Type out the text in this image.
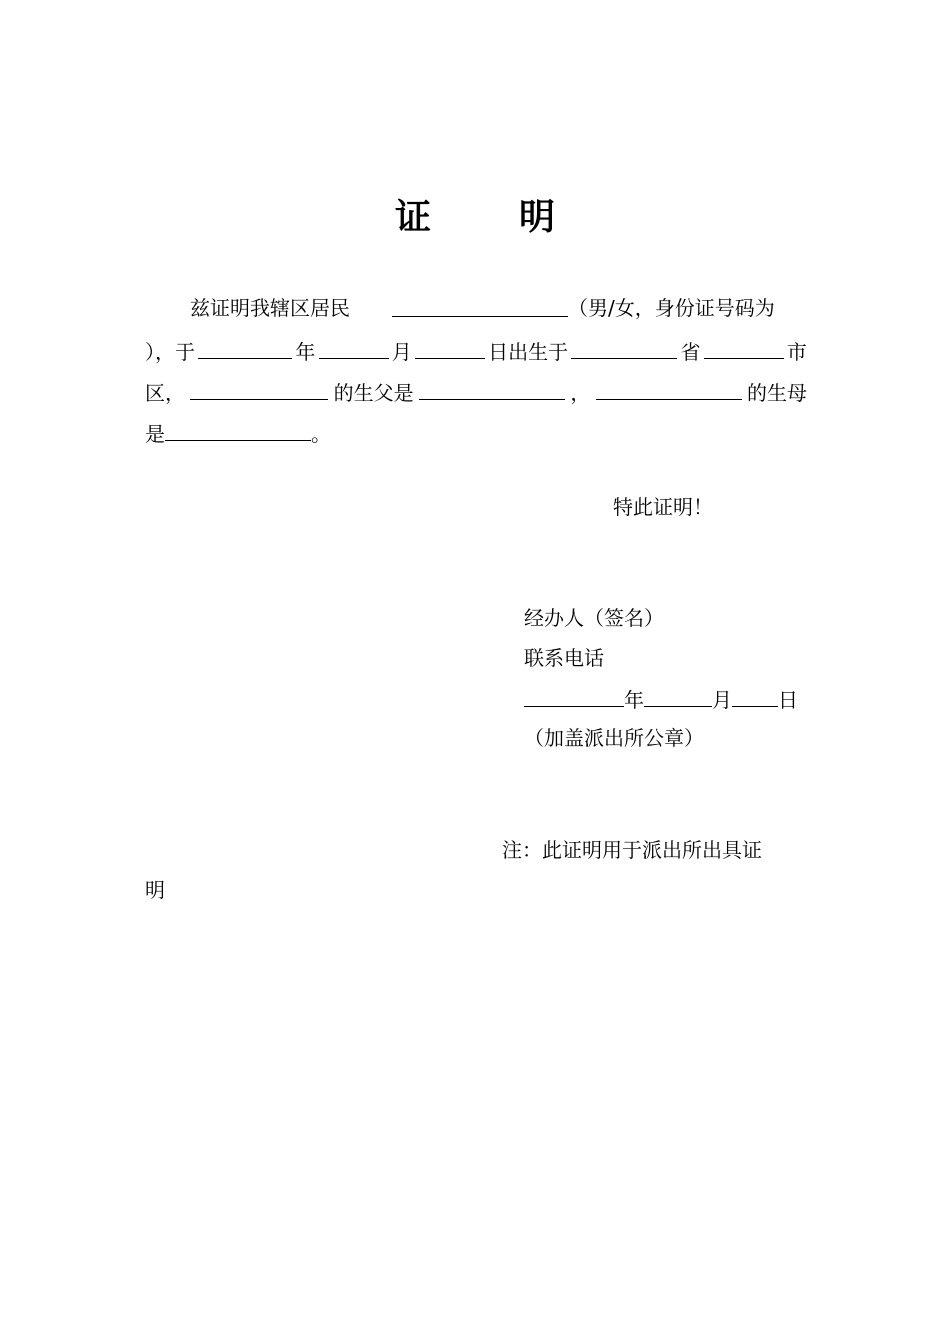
证 明
兹证明我辖区居民	（男/女，身份证号码为
），于	年	月	日出生于	省	市
区，	的生父是	，	的生母
是	。
特此证明！
经办人（签名）
联系电话
年	月 日
（加盖派出所公章）
注：此证明用于派出所出具证
明
